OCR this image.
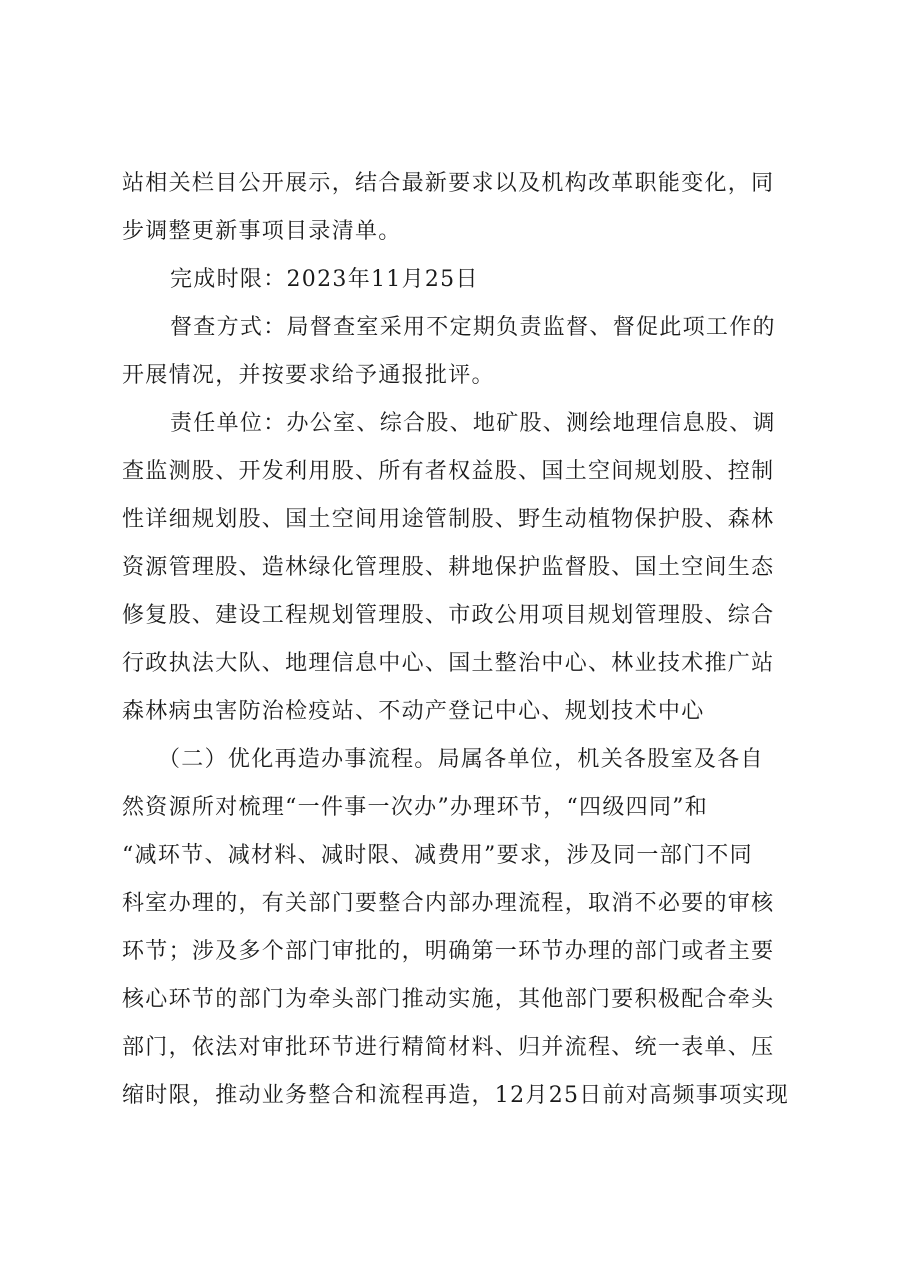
站相关栏目公开展示，结合最新要求以及机构改革职能变化，同
步调整更新事项目录清单。
完成时限：2023年11月25日
督查方式：局督查室采用不定期负责监督、督促此项工作的
开展情况，并按要求给予通报批评。
责任单位：办公室、综合股、地矿股、测绘地理信息股、调
查监测股、开发利用股、所有者权益股、国土空间规划股、控制
性详细规划股、国土空间用途管制股、野生动植物保护股、森林
资源管理股、造林绿化管理股、耕地保护监督股、国土空间生态
修复股、建设工程规划管理股、市政公用项目规划管理股、综合
行政执法大队、地理信息中心、国土整治中心、林业技术推广站
森林病虫害防治检疫站、不动产登记中心、规划技术中心
（二）优化再造办事流程。局属各单位，机关各股室及各自
然资源所对梳理“一件事一次办”办理环节，“四级四同”和
“减环节、减材料、减时限、减费用”要求，涉及同一部门不同
科室办理的，有关部门要整合内部办理流程，取消不必要的审核
环节；涉及多个部门审批的，明确第一环节办理的部门或者主要
核心环节的部门为牵头部门推动实施，其他部门要积极配合牵头
部门，依法对审批环节进行精简材料、归并流程、统一表单、压
缩时限，推动业务整合和流程再造，12月25日前对高频事项实现
